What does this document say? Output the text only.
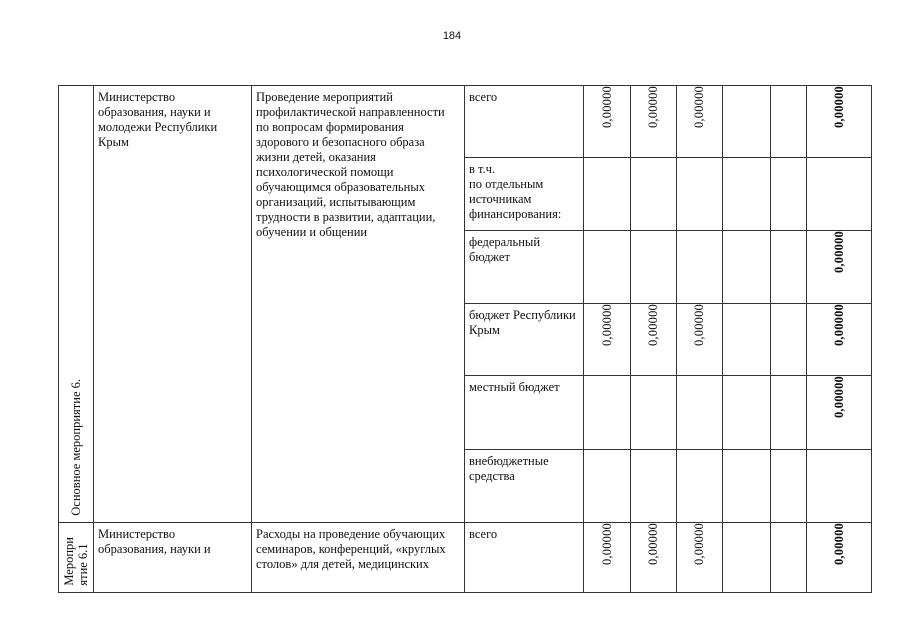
184
Основное мероприятие 6.	Министерство образования, науки и молодежи Республики Крым	Проведение мероприятий профилактической направленности по вопросам формирования здорового и безопасного образа жизни детей, оказания психологической помощи обучающимся образовательных организаций, испытывающим трудности в развитии, адаптации, обучении и общении	всего	0,00000	0,00000	0,00000			0,00000

			в т.ч.
по отдельным источникам финансирования:						

			федеральный бюджет						0,00000

			бюджет Республики Крым	0,00000	0,00000	0,00000			0,00000

			местный бюджет						0,00000

			внебюджетные средства						

Меропри ятие 6.1	Министерство образования, науки и	Расходы на проведение обучающих семинаров, конференций, «круглых столов» для детей, медицинских	всего	0,00000	0,00000	0,00000			0,00000
